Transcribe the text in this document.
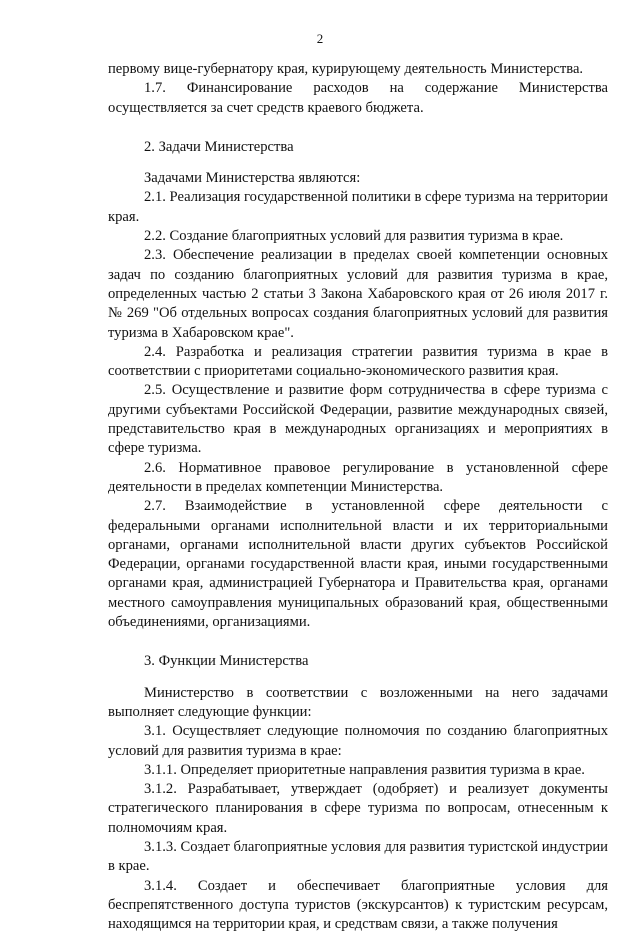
2

первому вице-губернатору края, курирующему деятельность Министерства.

1.7. Финансирование расходов на содержание Министерства осуществляется за счет средств краевого бюджета.

2. Задачи Министерства

Задачами Министерства являются:

2.1. Реализация государственной политики в сфере туризма на территории края.

2.2. Создание благоприятных условий для развития туризма в крае.

2.3. Обеспечение реализации в пределах своей компетенции основных задач по созданию благоприятных условий для развития туризма в крае, определенных частью 2 статьи 3 Закона Хабаровского края от 26 июля 2017 г. № 269 "Об отдельных вопросах создания благоприятных условий для развития туризма в Хабаровском крае".

2.4. Разработка и реализация стратегии развития туризма в крае в соответствии с приоритетами социально-экономического развития края.

2.5. Осуществление и развитие форм сотрудничества в сфере туризма с другими субъектами Российской Федерации, развитие международных связей, представительство края в международных организациях и мероприятиях в сфере туризма.

2.6. Нормативное правовое регулирование в установленной сфере деятельности в пределах компетенции Министерства.

2.7. Взаимодействие в установленной сфере деятельности с федеральными органами исполнительной власти и их территориальными органами, органами исполнительной власти других субъектов Российской Федерации, органами государственной власти края, иными государственными органами края, администрацией Губернатора и Правительства края, органами местного самоуправления муниципальных образований края, общественными объединениями, организациями.

3. Функции Министерства

Министерство в соответствии с возложенными на него задачами выполняет следующие функции:

3.1. Осуществляет следующие полномочия по созданию благоприятных условий для развития туризма в крае:

3.1.1. Определяет приоритетные направления развития туризма в крае.

3.1.2. Разрабатывает, утверждает (одобряет) и реализует документы стратегического планирования в сфере туризма по вопросам, отнесенным к полномочиям края.

3.1.3. Создает благоприятные условия для развития туристской индустрии в крае.

3.1.4. Создает и обеспечивает благоприятные условия для беспрепятственного доступа туристов (экскурсантов) к туристским ресурсам, находящимся на территории края, и средствам связи, а также получения
